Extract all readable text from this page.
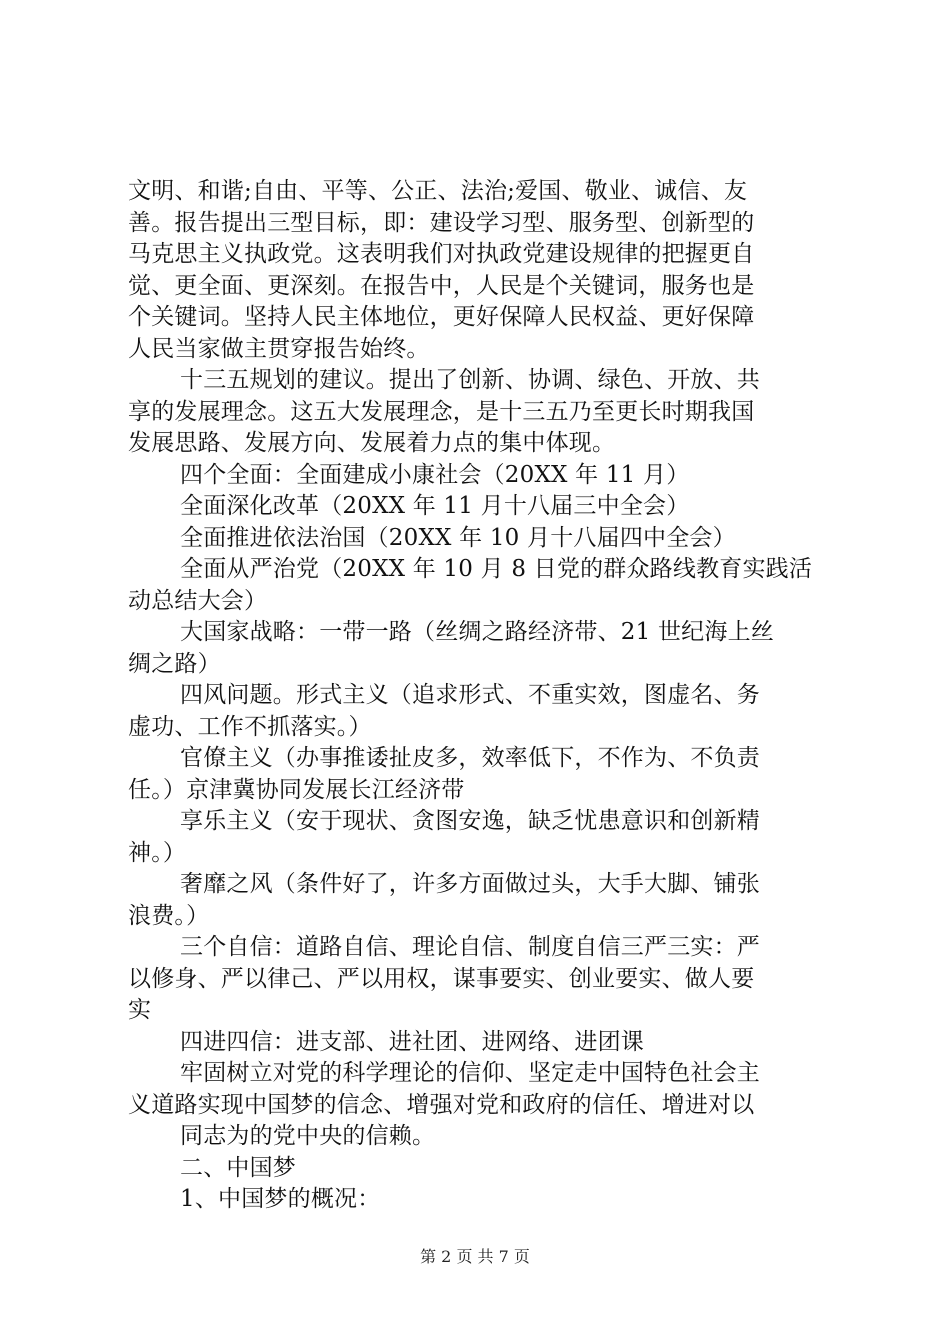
文明、和谐;自由、平等、公正、法治;爱国、敬业、诚信、友
善。报告提出三型目标，即：建设学习型、服务型、创新型的
马克思主义执政党。这表明我们对执政党建设规律的把握更自
觉、更全面、更深刻。在报告中，人民是个关键词，服务也是
个关键词。坚持人民主体地位，更好保障人民权益、更好保障
人民当家做主贯穿报告始终。
十三五规划的建议。提出了创新、协调、绿色、开放、共
享的发展理念。这五大发展理念，是十三五乃至更长时期我国
发展思路、发展方向、发展着力点的集中体现。
四个全面：全面建成小康社会（20XX 年 11 月）
全面深化改革（20XX 年 11 月十八届三中全会）
全面推进依法治国（20XX 年 10 月十八届四中全会）
全面从严治党（20XX 年 10 月 8 日党的群众路线教育实践活
动总结大会）
大国家战略：一带一路（丝绸之路经济带、21 世纪海上丝
绸之路）
四风问题。形式主义（追求形式、不重实效，图虚名、务
虚功、工作不抓落实。）
官僚主义（办事推诿扯皮多，效率低下，不作为、不负责
任。）京津冀协同发展长江经济带
享乐主义（安于现状、贪图安逸，缺乏忧患意识和创新精
神。）
奢靡之风（条件好了，许多方面做过头，大手大脚、铺张
浪费。）
三个自信：道路自信、理论自信、制度自信三严三实：严
以修身、严以律己、严以用权，谋事要实、创业要实、做人要
实
四进四信：进支部、进社团、进网络、进团课
牢固树立对党的科学理论的信仰、坚定走中国特色社会主
义道路实现中国梦的信念、增强对党和政府的信任、增进对以
同志为的党中央的信赖。
二、中国梦
1、中国梦的概况：
第 2 页 共 7 页
